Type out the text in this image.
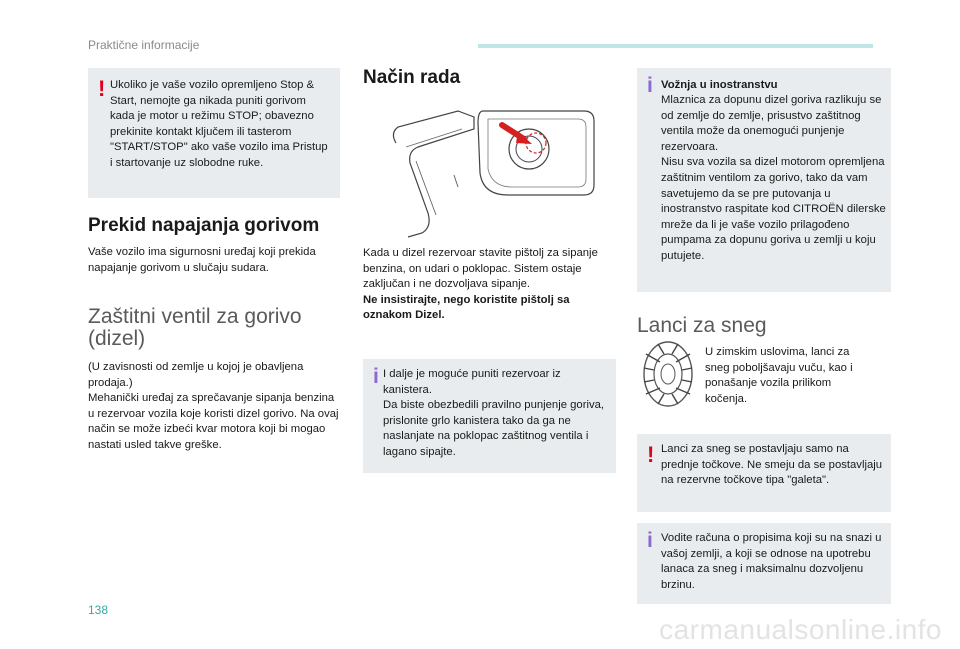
Praktične informacije
! Ukoliko je vaše vozilo opremljeno Stop & Start, nemojte ga nikada puniti gorivom kada je motor u režimu STOP; obavezno prekinite kontakt ključem ili tasterom "START/STOP" ako vaše vozilo ima Pristup i startovanje uz slobodne ruke.
Prekid napajanja gorivom
Vaše vozilo ima sigurnosni uređaj koji prekida napajanje gorivom u slučaju sudara.
Zaštitni ventil za gorivo (dizel)
(U zavisnosti od zemlje u kojoj je obavljena prodaja.)
Mehanički uređaj za sprečavanje sipanja benzina u rezervoar vozila koje koristi dizel gorivo. Na ovaj način se može izbeći kvar motora koji bi mogao nastati usled takve greške.
Način rada
Kada u dizel rezervoar stavite pištolj za sipanje benzina, on udari o poklopac. Sistem ostaje zaključan i ne dozvoljava sipanje.
Ne insistirajte, nego koristite pištolj sa oznakom Dizel.
i I dalje je moguće puniti rezervoar iz kanistera.
Da biste obezbedili pravilno punjenje goriva, prislonite grlo kanistera tako da ga ne naslanjate na poklopac zaštitnog ventila i lagano sipajte.
i Vožnja u inostranstvu
Mlaznica za dopunu dizel goriva razlikuju se od zemlje do zemlje, prisustvo zaštitnog ventila može da onemogući punjenje rezervoara.
Nisu sva vozila sa dizel motorom opremljena zaštitnim ventilom za gorivo, tako da vam savetujemo da se pre putovanja u inostranstvo raspitate kod CITROËN dilerske mreže da li je vaše vozilo prilagođeno pumpama za dopunu goriva u zemlji u koju putujete.
Lanci za sneg
U zimskim uslovima, lanci za sneg poboljšavaju vuču, kao i ponašanje vozila prilikom kočenja.
! Lanci za sneg se postavljaju samo na prednje točkove. Ne smeju da se postavljaju na rezervne točkove tipa "galeta".
i Vodite računa o propisima koji su na snazi u vašoj zemlji, a koji se odnose na upotrebu lanaca za sneg i maksimalnu dozvoljenu brzinu.
138
carmanualsonline.info
